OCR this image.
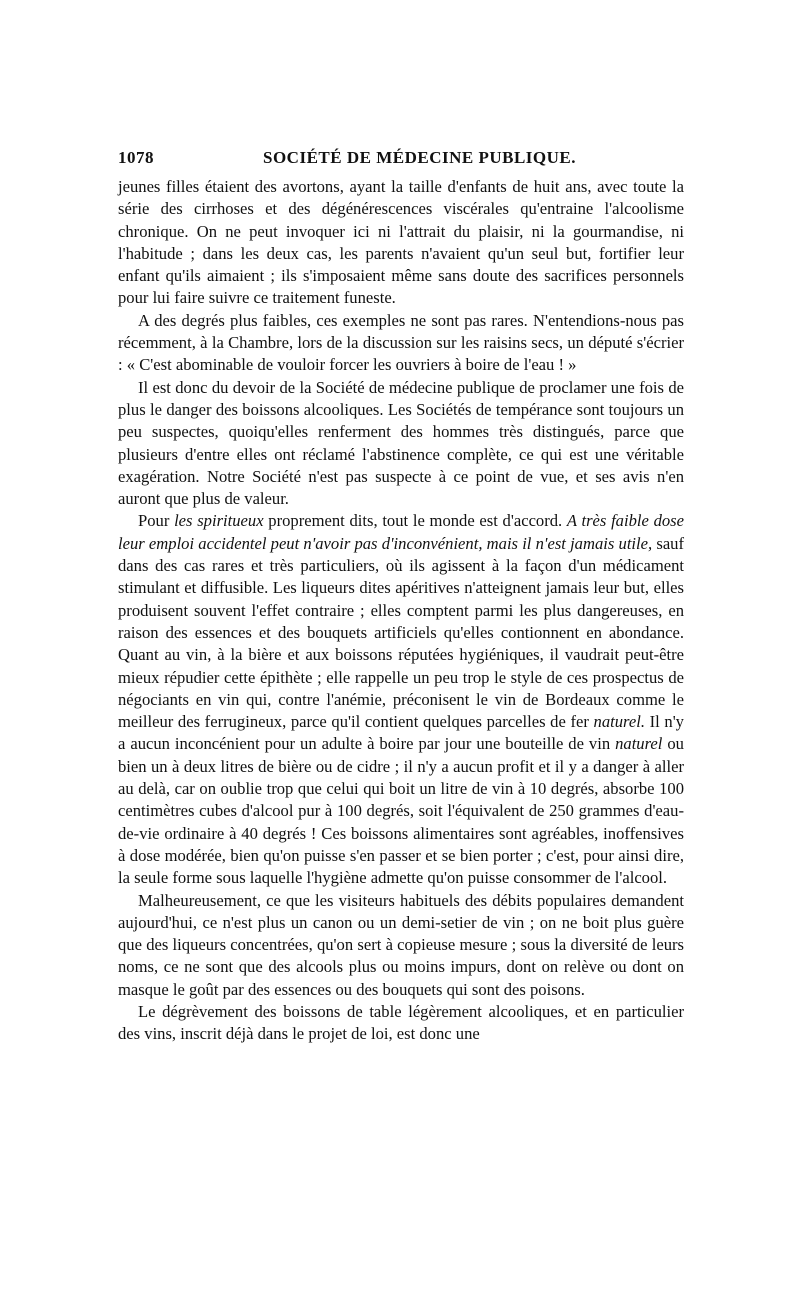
1078	SOCIÉTÉ DE MÉDECINE PUBLIQUE.

jeunes filles étaient des avortons, ayant la taille d'enfants de huit ans, avec toute la série des cirrhoses et des dégénérescences viscérales qu'entraine l'alcoolisme chronique. On ne peut invoquer ici ni l'attrait du plaisir, ni la gourmandise, ni l'habitude ; dans les deux cas, les parents n'avaient qu'un seul but, fortifier leur enfant qu'ils aimaient ; ils s'imposaient même sans doute des sacrifices personnels pour lui faire suivre ce traitement funeste.

A des degrés plus faibles, ces exemples ne sont pas rares. N'entendions-nous pas récemment, à la Chambre, lors de la discussion sur les raisins secs, un député s'écrier : « C'est abominable de vouloir forcer les ouvriers à boire de l'eau ! »

Il est donc du devoir de la Société de médecine publique de proclamer une fois de plus le danger des boissons alcooliques. Les Sociétés de tempérance sont toujours un peu suspectes, quoiqu'elles renferment des hommes très distingués, parce que plusieurs d'entre elles ont réclamé l'abstinence complète, ce qui est une véritable exagération. Notre Société n'est pas suspecte à ce point de vue, et ses avis n'en auront que plus de valeur.

Pour les spiritueux proprement dits, tout le monde est d'accord. A très faible dose leur emploi accidentel peut n'avoir pas d'inconvénient, mais il n'est jamais utile, sauf dans des cas rares et très particuliers, où ils agissent à la façon d'un médicament stimulant et diffusible. Les liqueurs dites apéritives n'atteignent jamais leur but, elles produisent souvent l'effet contraire ; elles comptent parmi les plus dangereuses, en raison des essences et des bouquets artificiels qu'elles contionnent en abondance. Quant au vin, à la bière et aux boissons réputées hygiéniques, il vaudrait peut-être mieux répudier cette épithète ; elle rappelle un peu trop le style de ces prospectus de négociants en vin qui, contre l'anémie, préconisent le vin de Bordeaux comme le meilleur des ferrugineux, parce qu'il contient quelques parcelles de fer naturel. Il n'y a aucun inconcénient pour un adulte à boire par jour une bouteille de vin naturel ou bien un à deux litres de bière ou de cidre ; il n'y a aucun profit et il y a danger à aller au delà, car on oublie trop que celui qui boit un litre de vin à 10 degrés, absorbe 100 centimètres cubes d'alcool pur à 100 degrés, soit l'équivalent de 250 grammes d'eau-de-vie ordinaire à 40 degrés ! Ces boissons alimentaires sont agréables, inoffensives à dose modérée, bien qu'on puisse s'en passer et se bien porter ; c'est, pour ainsi dire, la seule forme sous laquelle l'hygiène admette qu'on puisse consommer de l'alcool.

Malheureusement, ce que les visiteurs habituels des débits populaires demandent aujourd'hui, ce n'est plus un canon ou un demi-setier de vin ; on ne boit plus guère que des liqueurs concentrées, qu'on sert à copieuse mesure ; sous la diversité de leurs noms, ce ne sont que des alcools plus ou moins impurs, dont on relève ou dont on masque le goût par des essences ou des bouquets qui sont des poisons.

Le dégrèvement des boissons de table légèrement alcooliques, et en particulier des vins, inscrit déjà dans le projet de loi, est donc une
